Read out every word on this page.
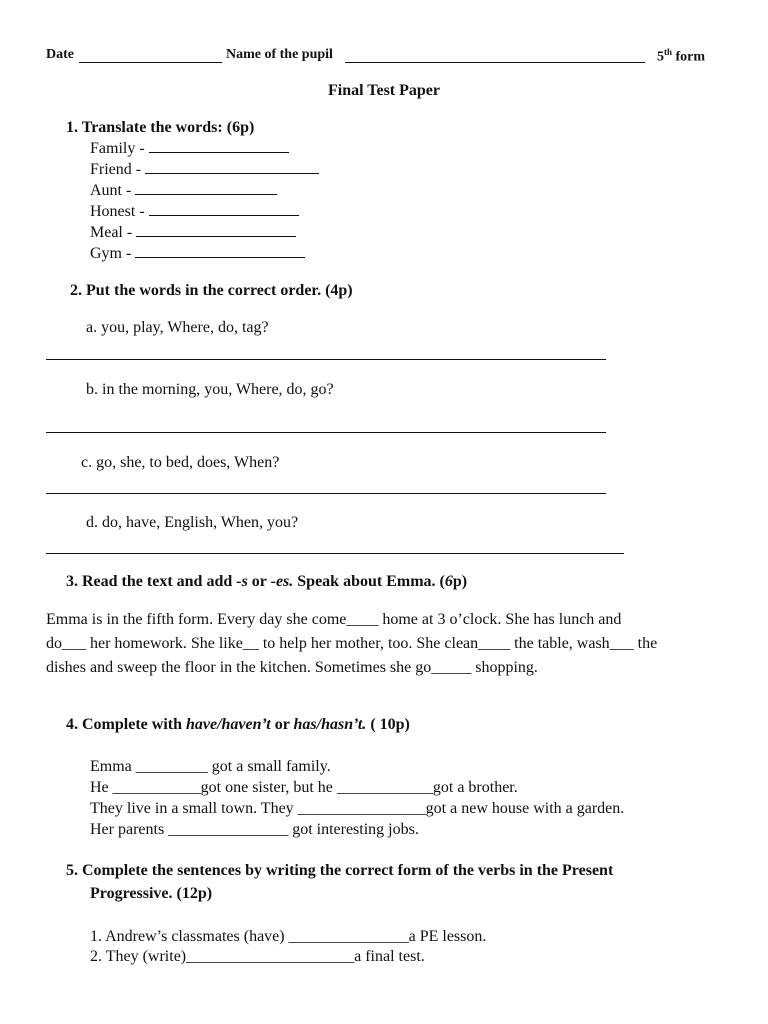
Date	Name of the pupil	5th form
Final Test Paper
1. Translate the words: (6p)
Family -
Friend -
Aunt -
Honest -
Meal -
Gym -
2. Put the words in the correct order. (4p)
a. you, play, Where, do, tag?
b. in the morning, you, Where, do, go?
c. go, she, to bed, does, When?
d. do, have, English, When, you?
3. Read the text and add -s or -es. Speak about Emma. (6p)
Emma is in the fifth form. Every day she come____ home at 3 o’clock. She has lunch and
do___ her homework. She like__ to help her mother, too. She clean____ the table, wash___ the
dishes and sweep the floor in the kitchen. Sometimes she go_____ shopping.
4. Complete with have/haven’t or has/hasn’t. ( 10p)
Emma _________ got a small family.
He ___________got one sister, but he ____________got a brother.
They live in a small town. They ________________got a new house with a garden.
Her parents _______________ got interesting jobs.
5. Complete the sentences by writing the correct form of the verbs in the Present
Progressive. (12p)
1. Andrew’s classmates (have) _______________a PE lesson.
2. They (write)_____________________a final test.
